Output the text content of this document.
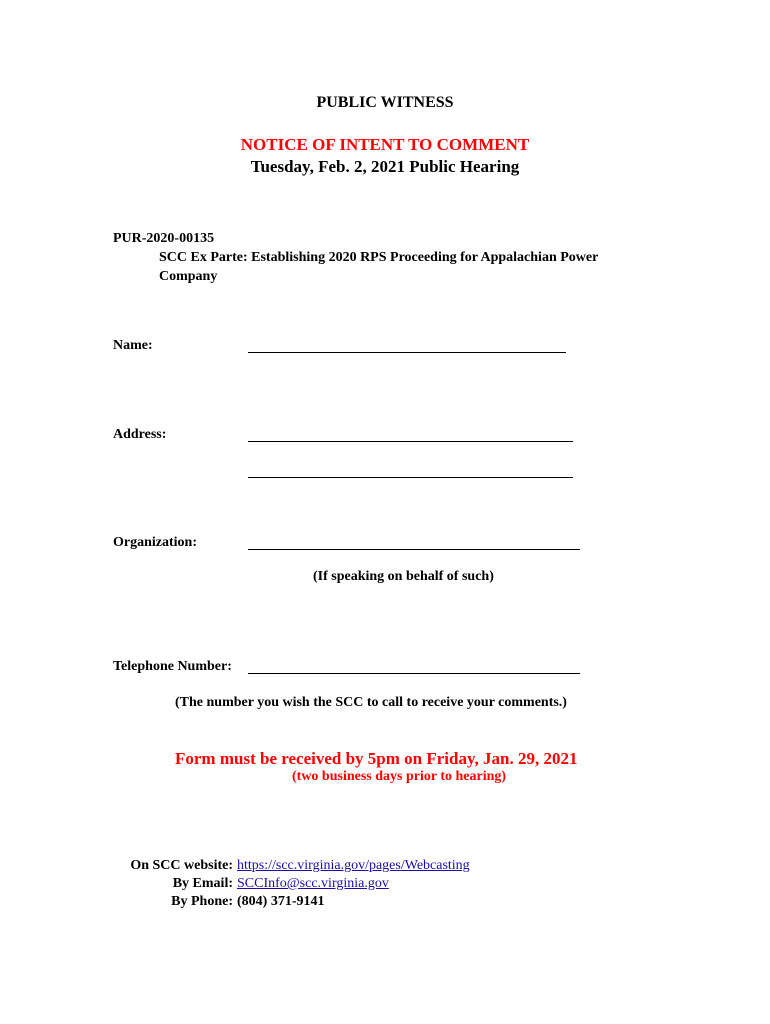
PUBLIC WITNESS
NOTICE OF INTENT TO COMMENT
Tuesday, Feb. 2, 2021 Public Hearing
PUR-2020-00135
SCC Ex Parte: Establishing 2020 RPS Proceeding for Appalachian Power Company
Name:
Address:
Organization:
(If speaking on behalf of such)
Telephone Number:
(The number you wish the SCC to call to receive your comments.)
Form must be received by 5pm on Friday, Jan. 29, 2021
(two business days prior to hearing)
On SCC website: https://scc.virginia.gov/pages/Webcasting
By Email: SCCInfo@scc.virginia.gov
By Phone: (804) 371-9141
